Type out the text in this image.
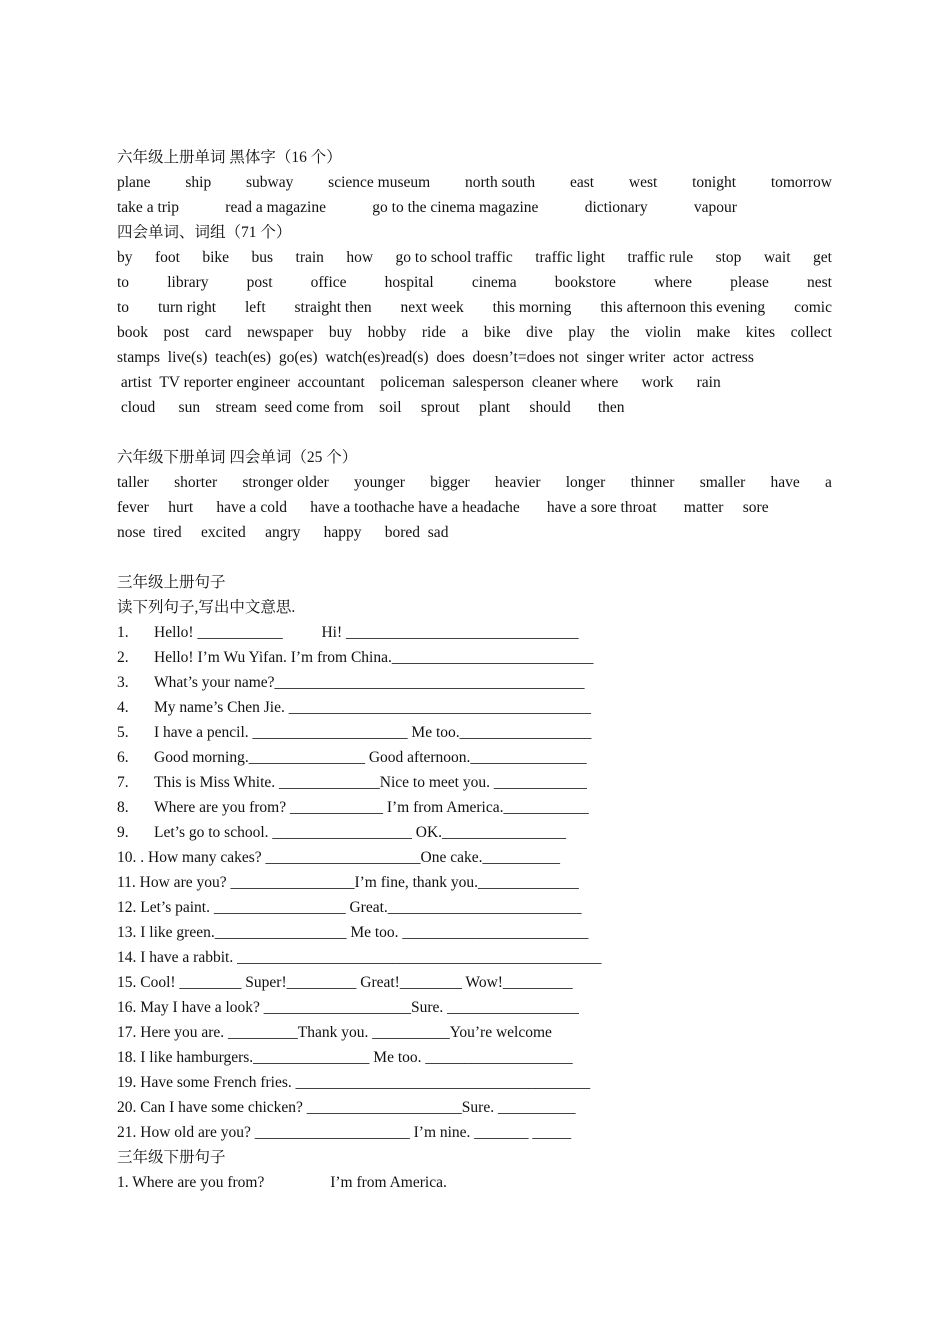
六年级上册单词 黑体字（16 个）
plane ship subway science museum north south east west tonight tomorrow
take a trip	read a magazine	go to the cinema magazine	dictionary	vapour
四会单词、词组（71 个）
by foot bike bus train how go to school traffic traffic light traffic rule stop wait get
to library post office hospital cinema bookstore where please nest
to turn right left straight then next week this morning this afternoon this evening comic
book post card newspaper buy hobby ride a bike dive play the violin make kites collect
stamps  live(s)  teach(es)  go(es)  watch(es)read(s)  does  doesn’t=does not  singer writer  actor  actress
artist  TV reporter engineer  accountant    policeman  salesperson  cleaner where      work      rain
cloud      sun    stream  seed come from    soil     sprout     plant     should       then
六年级下册单词 四会单词（25 个）
taller shorter stronger older younger bigger heavier longer thinner smaller have a
fever     hurt      have a cold      have a toothache have a headache       have a sore throat       matter     sore
nose  tired     excited     angry      happy      bored  sad
三年级上册句子
读下列句子,写出中文意思.
1. Hello! ___________          Hi! ______________________________
2. Hello! I’m Wu Yifan. I’m from China.__________________________
3. What’s your name?________________________________________
4. My name’s Chen Jie. _______________________________________
5. I have a pencil. ____________________ Me too._________________
6. Good morning._______________ Good afternoon._______________
7. This is Miss White. _____________Nice to meet you. ____________
8. Where are you from? ____________ I’m from America.___________
9. Let’s go to school. __________________ OK.________________
10. . How many cakes? ____________________One cake.__________
11. How are you? ________________I’m fine, thank you._____________
12. Let’s paint. _________________ Great._________________________
13. I like green._________________ Me too. ________________________
14. I have a rabbit. _______________________________________________
15. Cool! ________ Super!_________ Great!________ Wow!_________
16. May I have a look? ___________________Sure. _________________
17. Here you are. _________Thank you. __________You’re welcome
18. I like hamburgers._______________ Me too. ___________________
19. Have some French fries. ______________________________________
20. Can I have some chicken? ____________________Sure. __________
21. How old are you? ____________________ I’m nine. _______ _____
三年级下册句子
1. Where are you from?                 I’m from America.
